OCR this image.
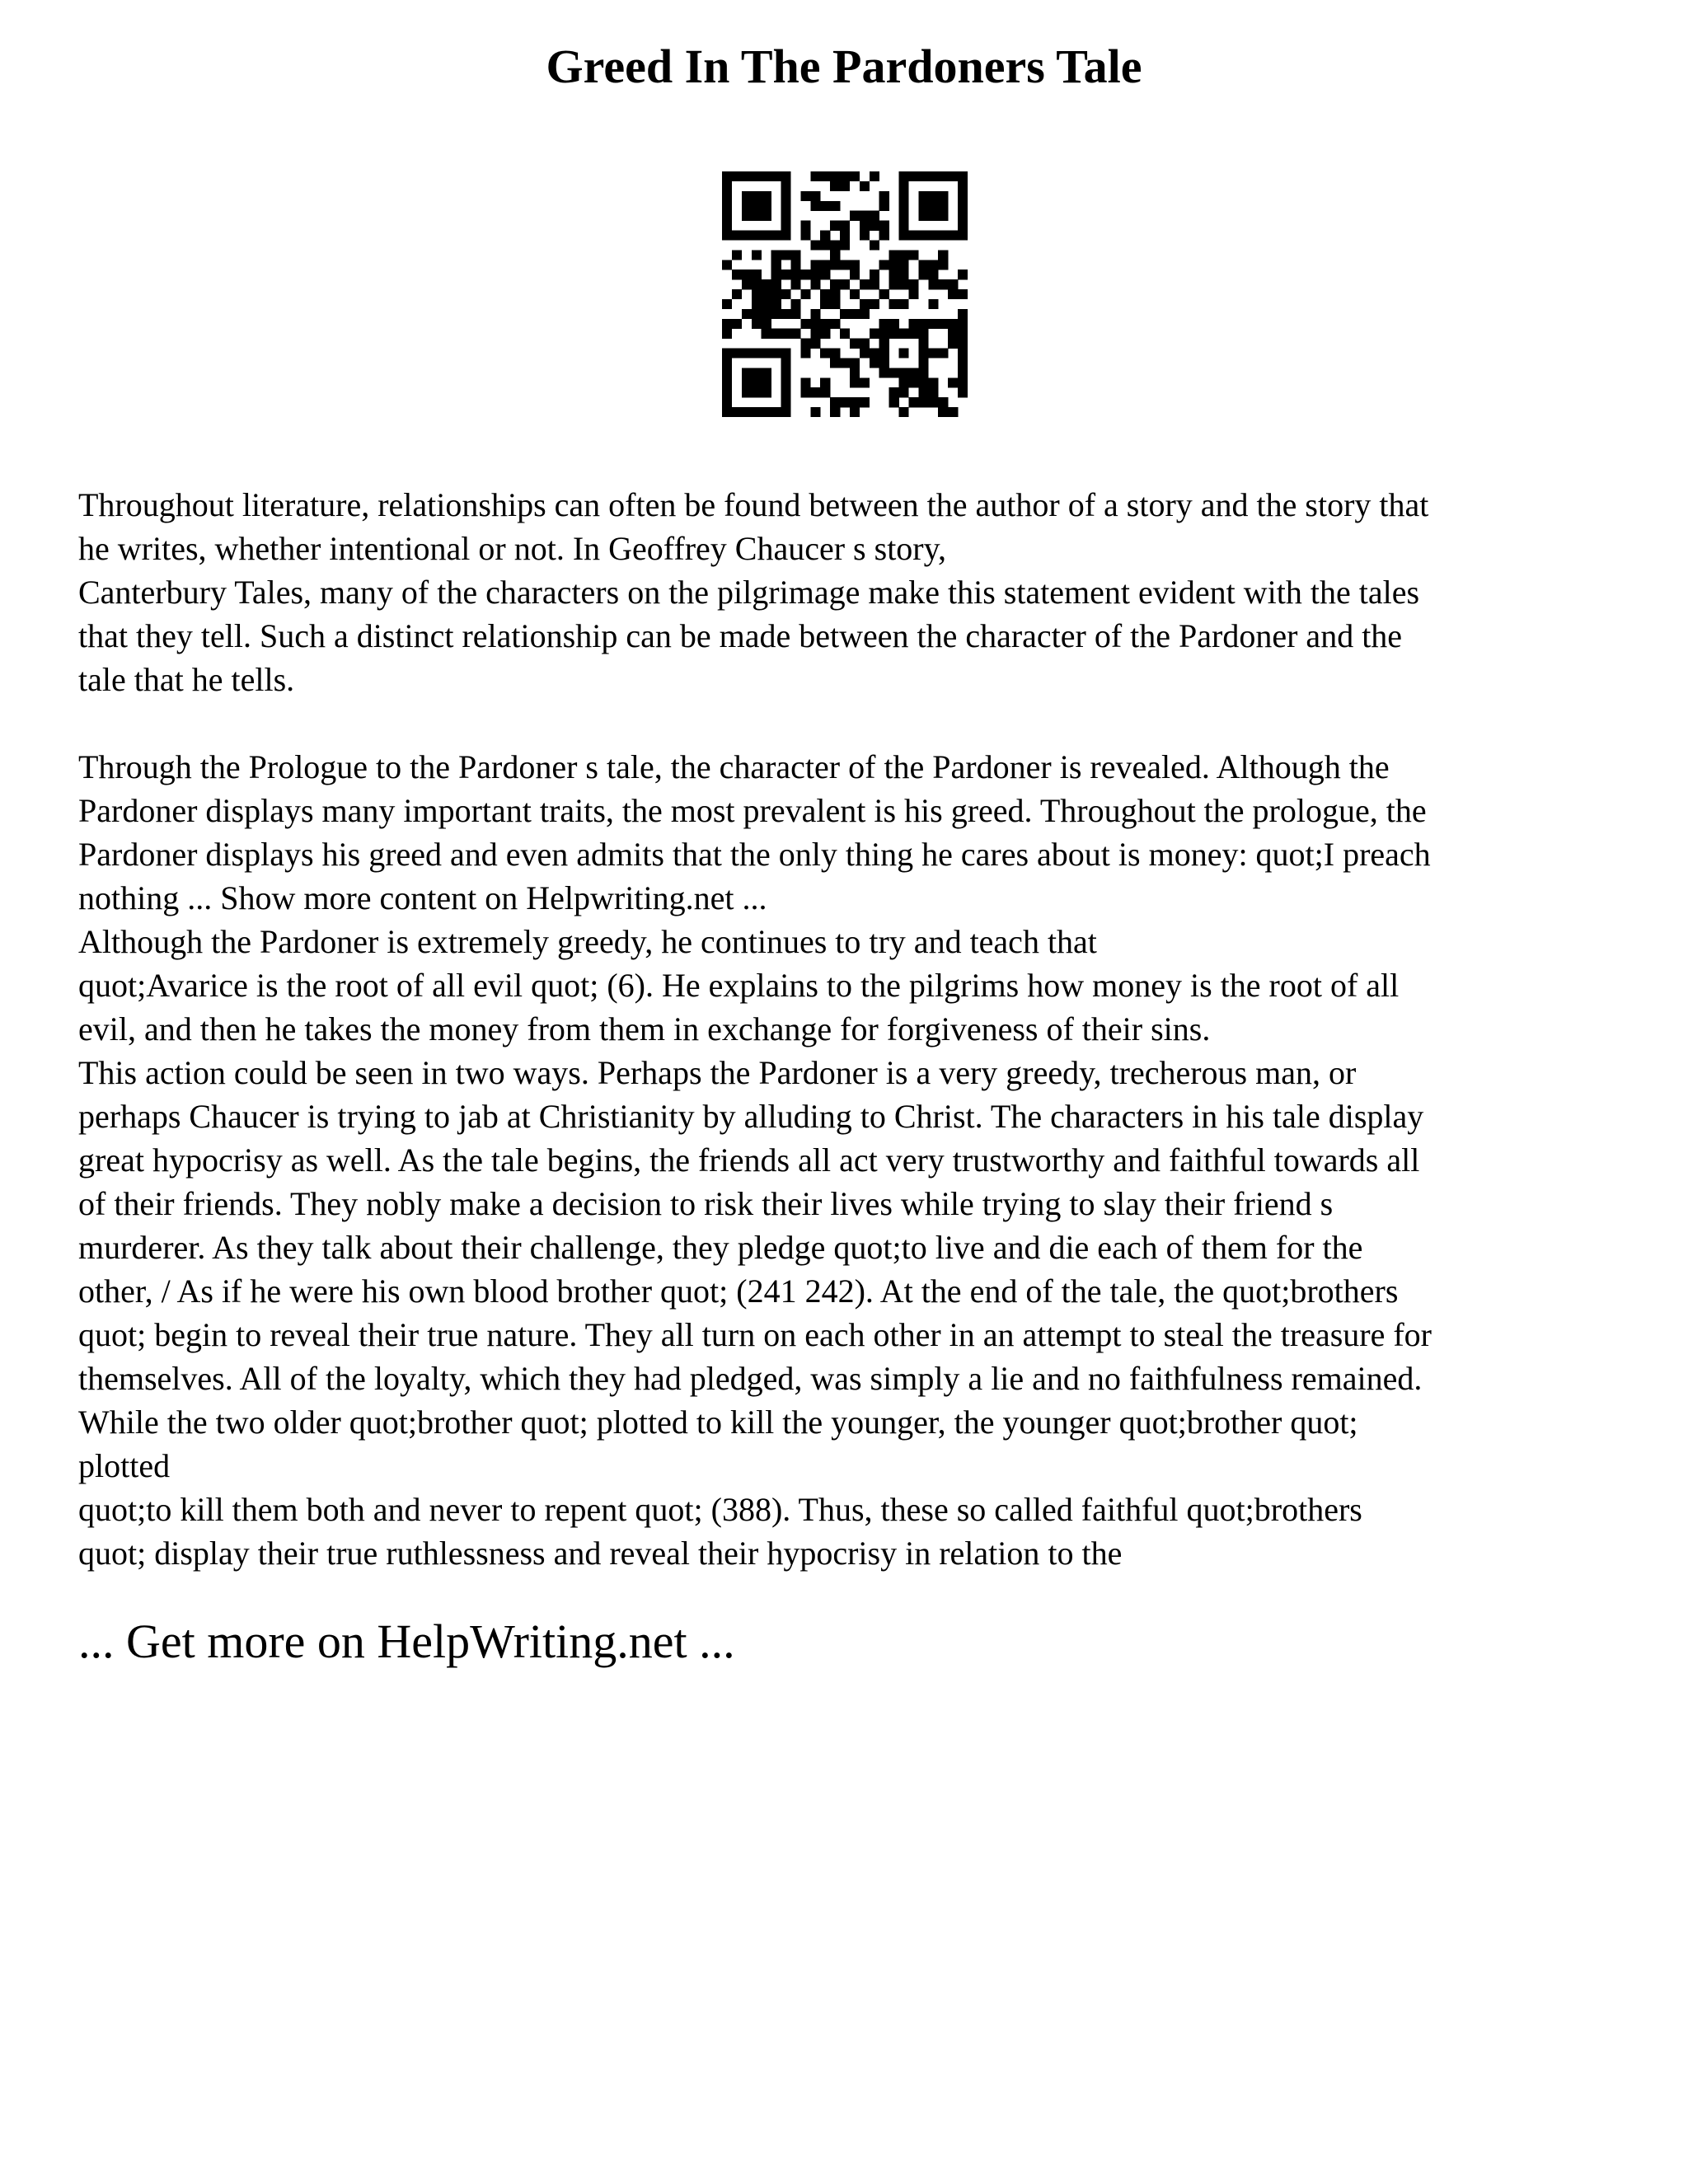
Greed In The Pardoners Tale
Throughout literature, relationships can often be found between the author of a story and the story that
he writes, whether intentional or not. In Geoffrey Chaucer s story,
Canterbury Tales, many of the characters on the pilgrimage make this statement evident with the tales
that they tell. Such a distinct relationship can be made between the character of the Pardoner and the
tale that he tells.
Through the Prologue to the Pardoner s tale, the character of the Pardoner is revealed. Although the
Pardoner displays many important traits, the most prevalent is his greed. Throughout the prologue, the
Pardoner displays his greed and even admits that the only thing he cares about is money: quot;I preach
nothing ... Show more content on Helpwriting.net ...
Although the Pardoner is extremely greedy, he continues to try and teach that
quot;Avarice is the root of all evil quot; (6). He explains to the pilgrims how money is the root of all
evil, and then he takes the money from them in exchange for forgiveness of their sins.
This action could be seen in two ways. Perhaps the Pardoner is a very greedy, trecherous man, or
perhaps Chaucer is trying to jab at Christianity by alluding to Christ. The characters in his tale display
great hypocrisy as well. As the tale begins, the friends all act very trustworthy and faithful towards all
of their friends. They nobly make a decision to risk their lives while trying to slay their friend s
murderer. As they talk about their challenge, they pledge quot;to live and die each of them for the
other, / As if he were his own blood brother quot; (241 242). At the end of the tale, the quot;brothers
quot; begin to reveal their true nature. They all turn on each other in an attempt to steal the treasure for
themselves. All of the loyalty, which they had pledged, was simply a lie and no faithfulness remained.
While the two older quot;brother quot; plotted to kill the younger, the younger quot;brother quot;
plotted
quot;to kill them both and never to repent quot; (388). Thus, these so called faithful quot;brothers
quot; display their true ruthlessness and reveal their hypocrisy in relation to the

... Get more on HelpWriting.net ...
